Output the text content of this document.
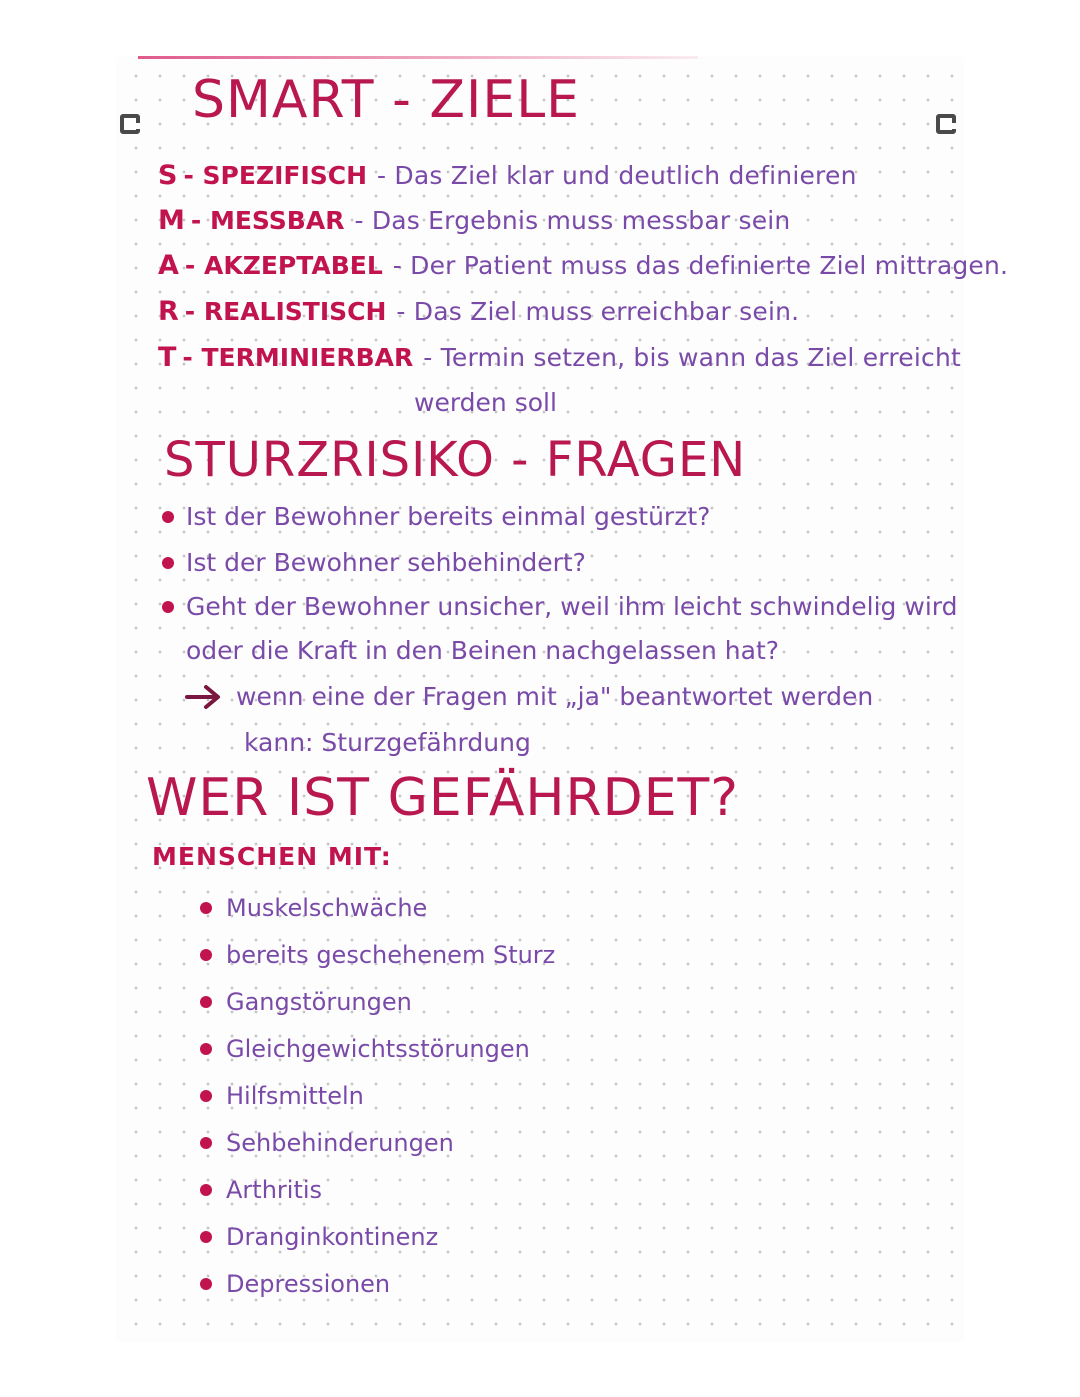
SMART - ZIELE
S - SPEZIFISCH - Das Ziel klar und deutlich definieren
M - MESSBAR - Das Ergebnis muss messbar sein
A - AKZEPTABEL - Der Patient muss das definierte Ziel mittragen.
R - REALISTISCH - Das Ziel muss erreichbar sein.
T - TERMINIERBAR - Termin setzen, bis wann das Ziel erreicht
werden soll
STURZRISIKO - FRAGEN
Ist der Bewohner bereits einmal gestürzt?
Ist der Bewohner sehbehindert?
Geht der Bewohner unsicher, weil ihm leicht schwindelig wird
oder die Kraft in den Beinen nachgelassen hat?
wenn eine der Fragen mit „ja" beantwortet werden
kann: Sturzgefährdung
WER IST GEFÄHRDET?
MENSCHEN MIT:
Muskelschwäche
bereits geschehenem Sturz
Gangstörungen
Gleichgewichtsstörungen
Hilfsmitteln
Sehbehinderungen
Arthritis
Dranginkontinenz
Depressionen
